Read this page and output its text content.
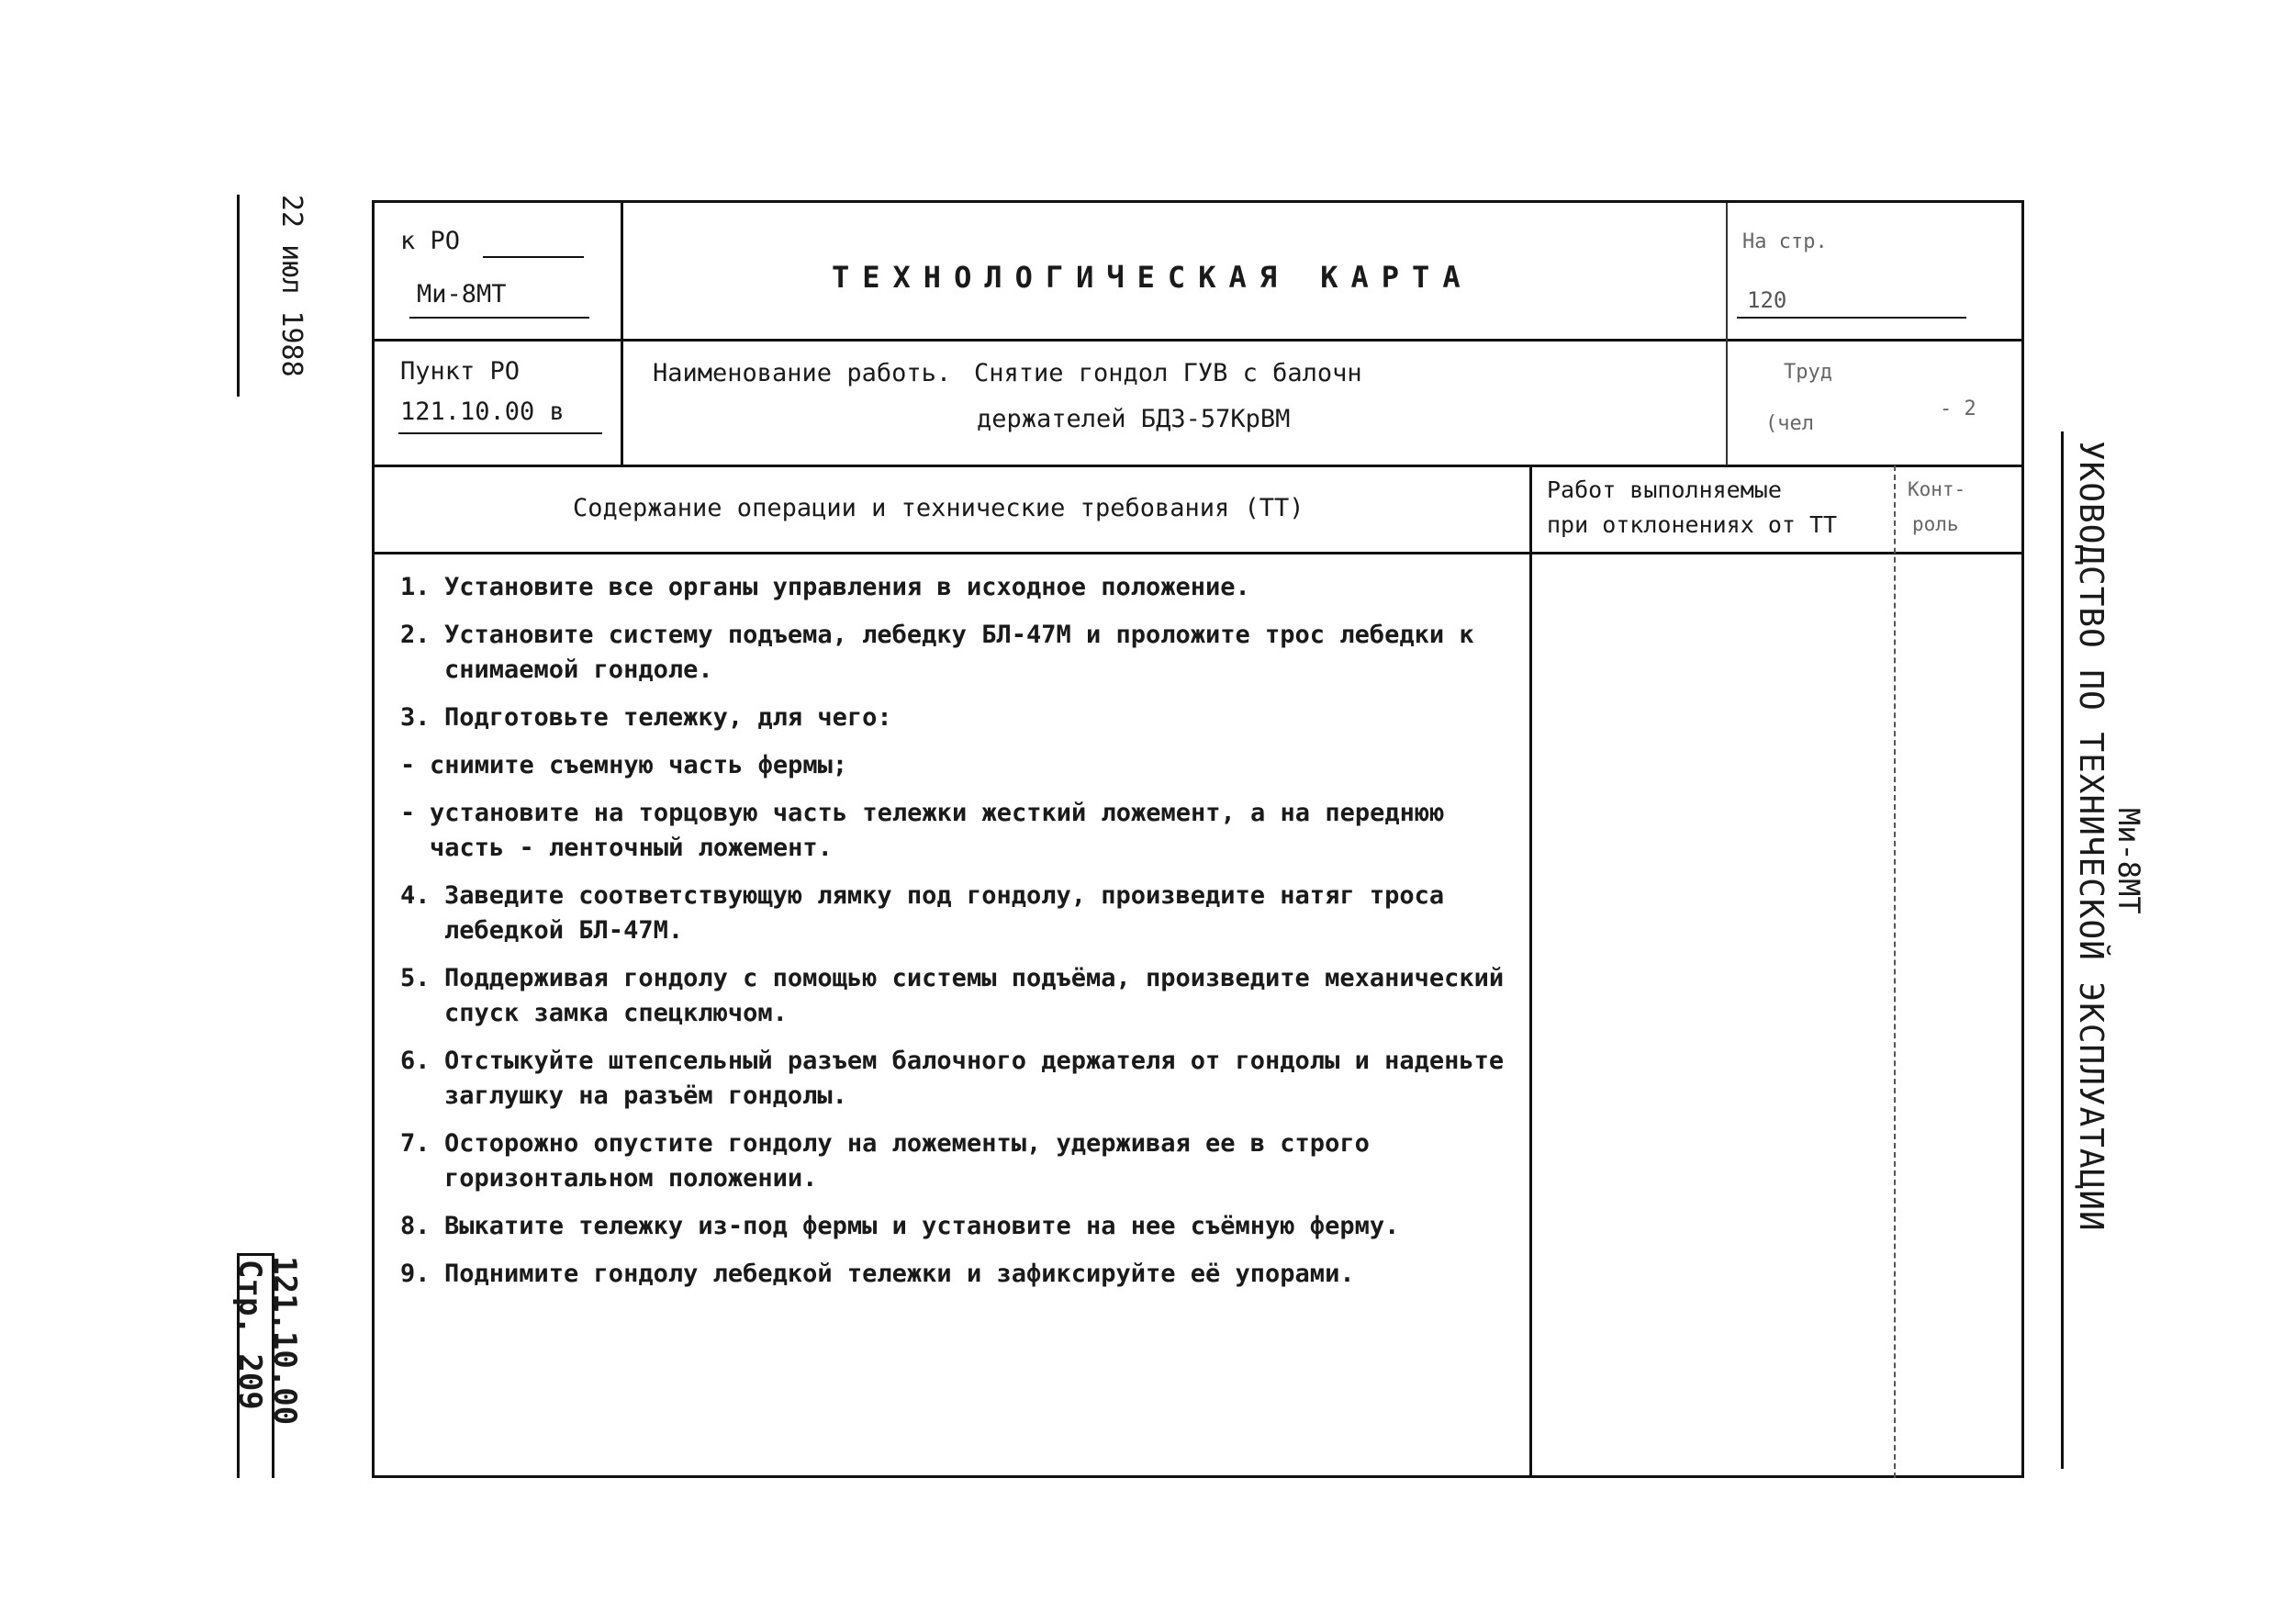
22 июл 1988
121.10.00
Стр. 209
Ми-8МТ
УКОВОДСТВО ПО ТЕХНИЧЕСКОЙ ЭКСПЛУАТАЦИИ
к РО
Ми-8МТ	ТЕХНОЛОГИЧЕСКАЯ КАРТА
На стр.
120
Пункт РО
121.10.00 в
Наименование работь. Снятие гондол ГУВ с балочн
держателей БД3-57КрВМ
Труд
(чел
- 2
Содержание операции и технические требования (ТТ)
Работ выполняемые
при отклонениях от ТТ
Конт-
роль
1. Установите все органы управления в исходное положение.
2. Установите систему подъема, лебедку БЛ-47М и проложите трос лебедки к снимаемой гондоле.
3. Подготовьте тележку, для чего:
- снимите съемную часть фермы;
- установите на торцовую часть тележки жесткий ложемент, а на переднюю часть - ленточный ложемент.
4. Заведите соответствующую лямку под гондолу, произведите натяг троса лебедкой БЛ-47М.
5. Поддерживая гондолу с помощью системы подъёма, произведите механический спуск замка спецключом.
6. Отстыкуйте штепсельный разъем балочного держателя от гондолы и наденьте заглушку на разъём гондолы.
7. Осторожно опустите гондолу на ложементы, удерживая ее в строго горизонтальном положении.
8. Выкатите тележку из-под фермы и установите на нее съёмную ферму.
9. Поднимите гондолу лебедкой тележки и зафиксируйте её упорами.
